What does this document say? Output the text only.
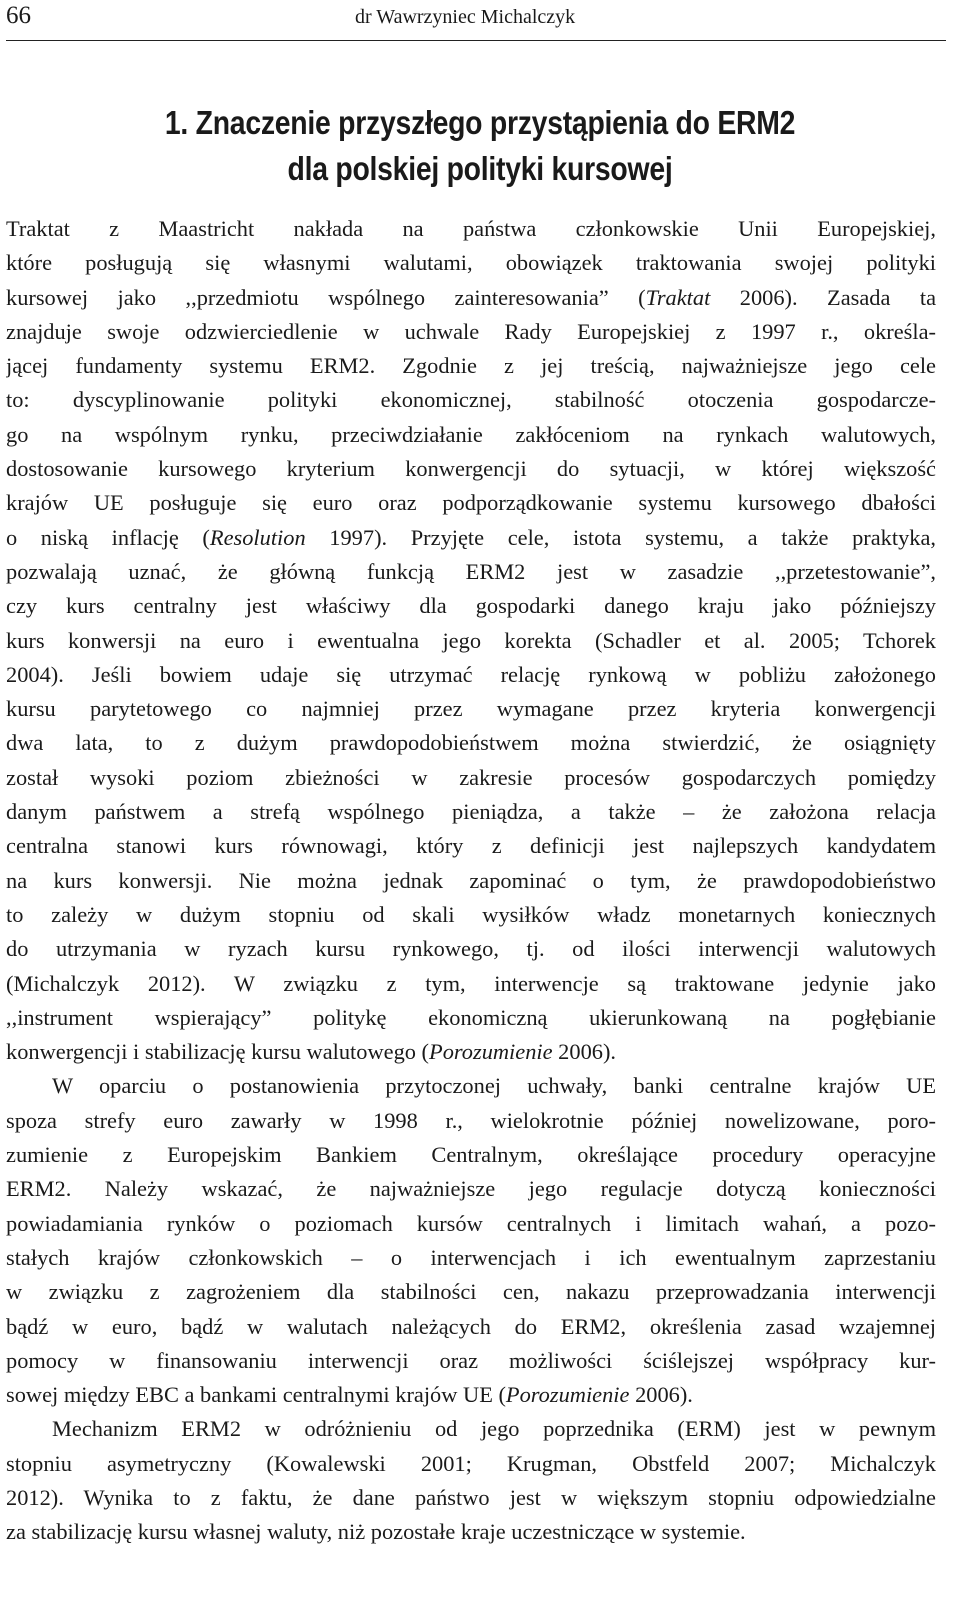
66	dr Wawrzyniec Michalczyk
1. Znaczenie przyszłego przystąpienia do ERM2
dla polskiej polityki kursowej
Traktat z Maastricht nakłada na państwa członkowskie Unii Europejskiej,
które posługują się własnymi walutami, obowiązek traktowania swojej polityki
kursowej jako ,,przedmiotu wspólnego zainteresowania” (Traktat 2006). Zasada ta
znajduje swoje odzwierciedlenie w uchwale Rady Europejskiej z 1997 r., określa-
jącej fundamenty systemu ERM2. Zgodnie z jej treścią, najważniejsze jego cele
to: dyscyplinowanie polityki ekonomicznej, stabilność otoczenia gospodarcze-
go na wspólnym rynku, przeciwdziałanie zakłóceniom na rynkach walutowych,
dostosowanie kursowego kryterium konwergencji do sytuacji, w której większość
krajów UE posługuje się euro oraz podporządkowanie systemu kursowego dbałości
o niską inflację (Resolution 1997). Przyjęte cele, istota systemu, a także praktyka,
pozwalają uznać, że główną funkcją ERM2 jest w zasadzie ,,przetestowanie”,
czy kurs centralny jest właściwy dla gospodarki danego kraju jako późniejszy
kurs konwersji na euro i ewentualna jego korekta (Schadler et al. 2005; Tchorek
2004). Jeśli bowiem udaje się utrzymać relację rynkową w pobliżu założonego
kursu parytetowego co najmniej przez wymagane przez kryteria konwergencji
dwa lata, to z dużym prawdopodobieństwem można stwierdzić, że osiągnięty
został wysoki poziom zbieżności w zakresie procesów gospodarczych pomiędzy
danym państwem a strefą wspólnego pieniądza, a także – że założona relacja
centralna stanowi kurs równowagi, który z definicji jest najlepszych kandydatem
na kurs konwersji. Nie można jednak zapominać o tym, że prawdopodobieństwo
to zależy w dużym stopniu od skali wysiłków władz monetarnych koniecznych
do utrzymania w ryzach kursu rynkowego, tj. od ilości interwencji walutowych
(Michalczyk 2012). W związku z tym, interwencje są traktowane jedynie jako
,,instrument wspierający” politykę ekonomiczną ukierunkowaną na pogłębianie
konwergencji i stabilizację kursu walutowego (Porozumienie 2006).
W oparciu o postanowienia przytoczonej uchwały, banki centralne krajów UE
spoza strefy euro zawarły w 1998 r., wielokrotnie później nowelizowane, poro-
zumienie z Europejskim Bankiem Centralnym, określające procedury operacyjne
ERM2. Należy wskazać, że najważniejsze jego regulacje dotyczą konieczności
powiadamiania rynków o poziomach kursów centralnych i limitach wahań, a pozo-
stałych krajów członkowskich – o interwencjach i ich ewentualnym zaprzestaniu
w związku z zagrożeniem dla stabilności cen, nakazu przeprowadzania interwencji
bądź w euro, bądź w walutach należących do ERM2, określenia zasad wzajemnej
pomocy w finansowaniu interwencji oraz możliwości ściślejszej współpracy kur-
sowej między EBC a bankami centralnymi krajów UE (Porozumienie 2006).
Mechanizm ERM2 w odróżnieniu od jego poprzednika (ERM) jest w pewnym
stopniu asymetryczny (Kowalewski 2001; Krugman, Obstfeld 2007; Michalczyk
2012). Wynika to z faktu, że dane państwo jest w większym stopniu odpowiedzialne
za stabilizację kursu własnej waluty, niż pozostałe kraje uczestniczące w systemie.
